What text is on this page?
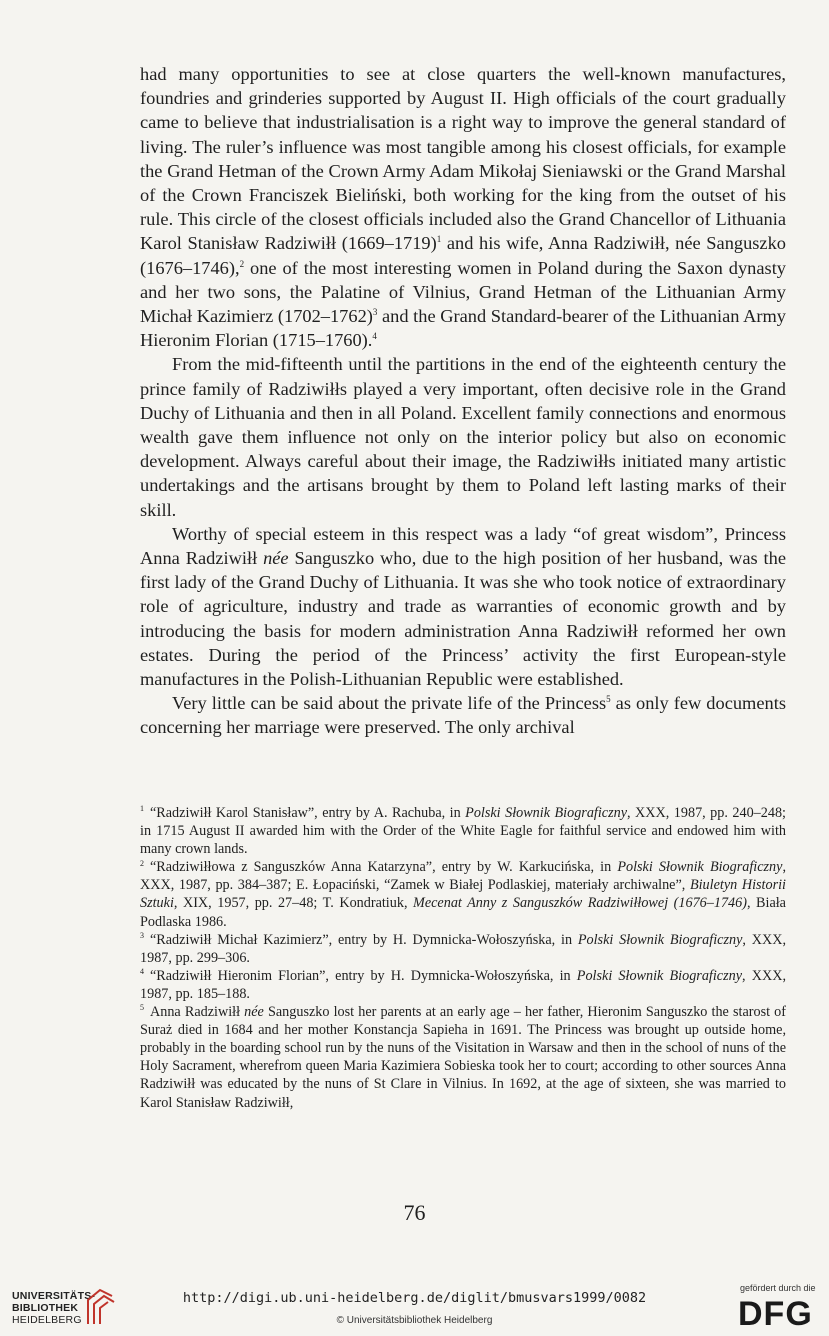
had many opportunities to see at close quarters the well-known manufactures, foundries and grinderies supported by August II. High officials of the court gradually came to believe that industrialisation is a right way to improve the general standard of living. The ruler’s influence was most tangible among his closest officials, for example the Grand Hetman of the Crown Army Adam Mikołaj Sieniawski or the Grand Marshal of the Crown Franciszek Bieliński, both working for the king from the outset of his rule. This circle of the closest officials included also the Grand Chancellor of Lithuania Karol Stanisław Radziwiłł (1669–1719)$^1$ and his wife, Anna Radziwiłł, née Sanguszko (1676–1746),$^2$ one of the most interesting women in Poland during the Saxon dynasty and her two sons, the Palatine of Vilnius, Grand Hetman of the Lithuanian Army Michał Kazimierz (1702–1762)$^3$ and the Grand Standard-bearer of the Lithuanian Army Hieronim Florian (1715–1760).$^4$

From the mid-fifteenth until the partitions in the end of the eighteenth century the prince family of Radziwiłłs played a very important, often decisive role in the Grand Duchy of Lithuania and then in all Poland. Excellent family connections and enormous wealth gave them influence not only on the interior policy but also on economic development. Always careful about their image, the Radziwiłłs initiated many artistic undertakings and the artisans brought by them to Poland left lasting marks of their skill.

Worthy of special esteem in this respect was a lady “of great wisdom”, Princess Anna Radziwiłł née Sanguszko who, due to the high position of her husband, was the first lady of the Grand Duchy of Lithuania. It was she who took notice of extraordinary role of agriculture, industry and trade as warranties of economic growth and by introducing the basis for modern administration Anna Radziwiłł reformed her own estates. During the period of the Princess’ activity the first European-style manufactures in the Polish-Lithuanian Republic were established.

Very little can be said about the private life of the Princess$^5$ as only few documents concerning her marriage were preserved. The only archival

$^1$ “Radziwiłł Karol Stanisław”, entry by A. Rachuba, in Polski Słownik Biograficzny, XXX, 1987, pp. 240–248; in 1715 August II awarded him with the Order of the White Eagle for faithful service and endowed him with many crown lands.

$^2$ “Radziwiłłowa z Sanguszków Anna Katarzyna”, entry by W. Karkucińska, in Polski Słownik Biograficzny, XXX, 1987, pp. 384–387; E. Łopaciński, “Zamek w Białej Podlaskiej, materiały archiwalne”, Biuletyn Historii Sztuki, XIX, 1957, pp. 27–48; T. Kondratiuk, Mecenat Anny z Sanguszków Radziwiłłowej (1676–1746), Biała Podlaska 1986.

$^3$ “Radziwiłł Michał Kazimierz”, entry by H. Dymnicka-Wołoszyńska, in Polski Słownik Biograficzny, XXX, 1987, pp. 299–306.

$^4$ “Radziwiłł Hieronim Florian”, entry by H. Dymnicka-Wołoszyńska, in Polski Słownik Biograficzny, XXX, 1987, pp. 185–188.

$^5$ Anna Radziwiłł née Sanguszko lost her parents at an early age – her father, Hieronim Sanguszko the starost of Suraż died in 1684 and her mother Konstancja Sapieha in 1691. The Princess was brought up outside home, probably in the boarding school run by the nuns of the Visitation in Warsaw and then in the school of nuns of the Holy Sacrament, wherefrom queen Maria Kazimiera Sobieska took her to court; according to other sources Anna Radziwiłł was educated by the nuns of St Clare in Vilnius. In 1692, at the age of sixteen, she was married to Karol Stanisław Radziwiłł,

76
UNIVERSITÄTS-
BIBLIOTHEK
HEIDELBERG
http://digi.ub.uni-heidelberg.de/diglit/bmusvars1999/0082
© Universitätsbibliothek Heidelberg
gefördert durch die
DFG
